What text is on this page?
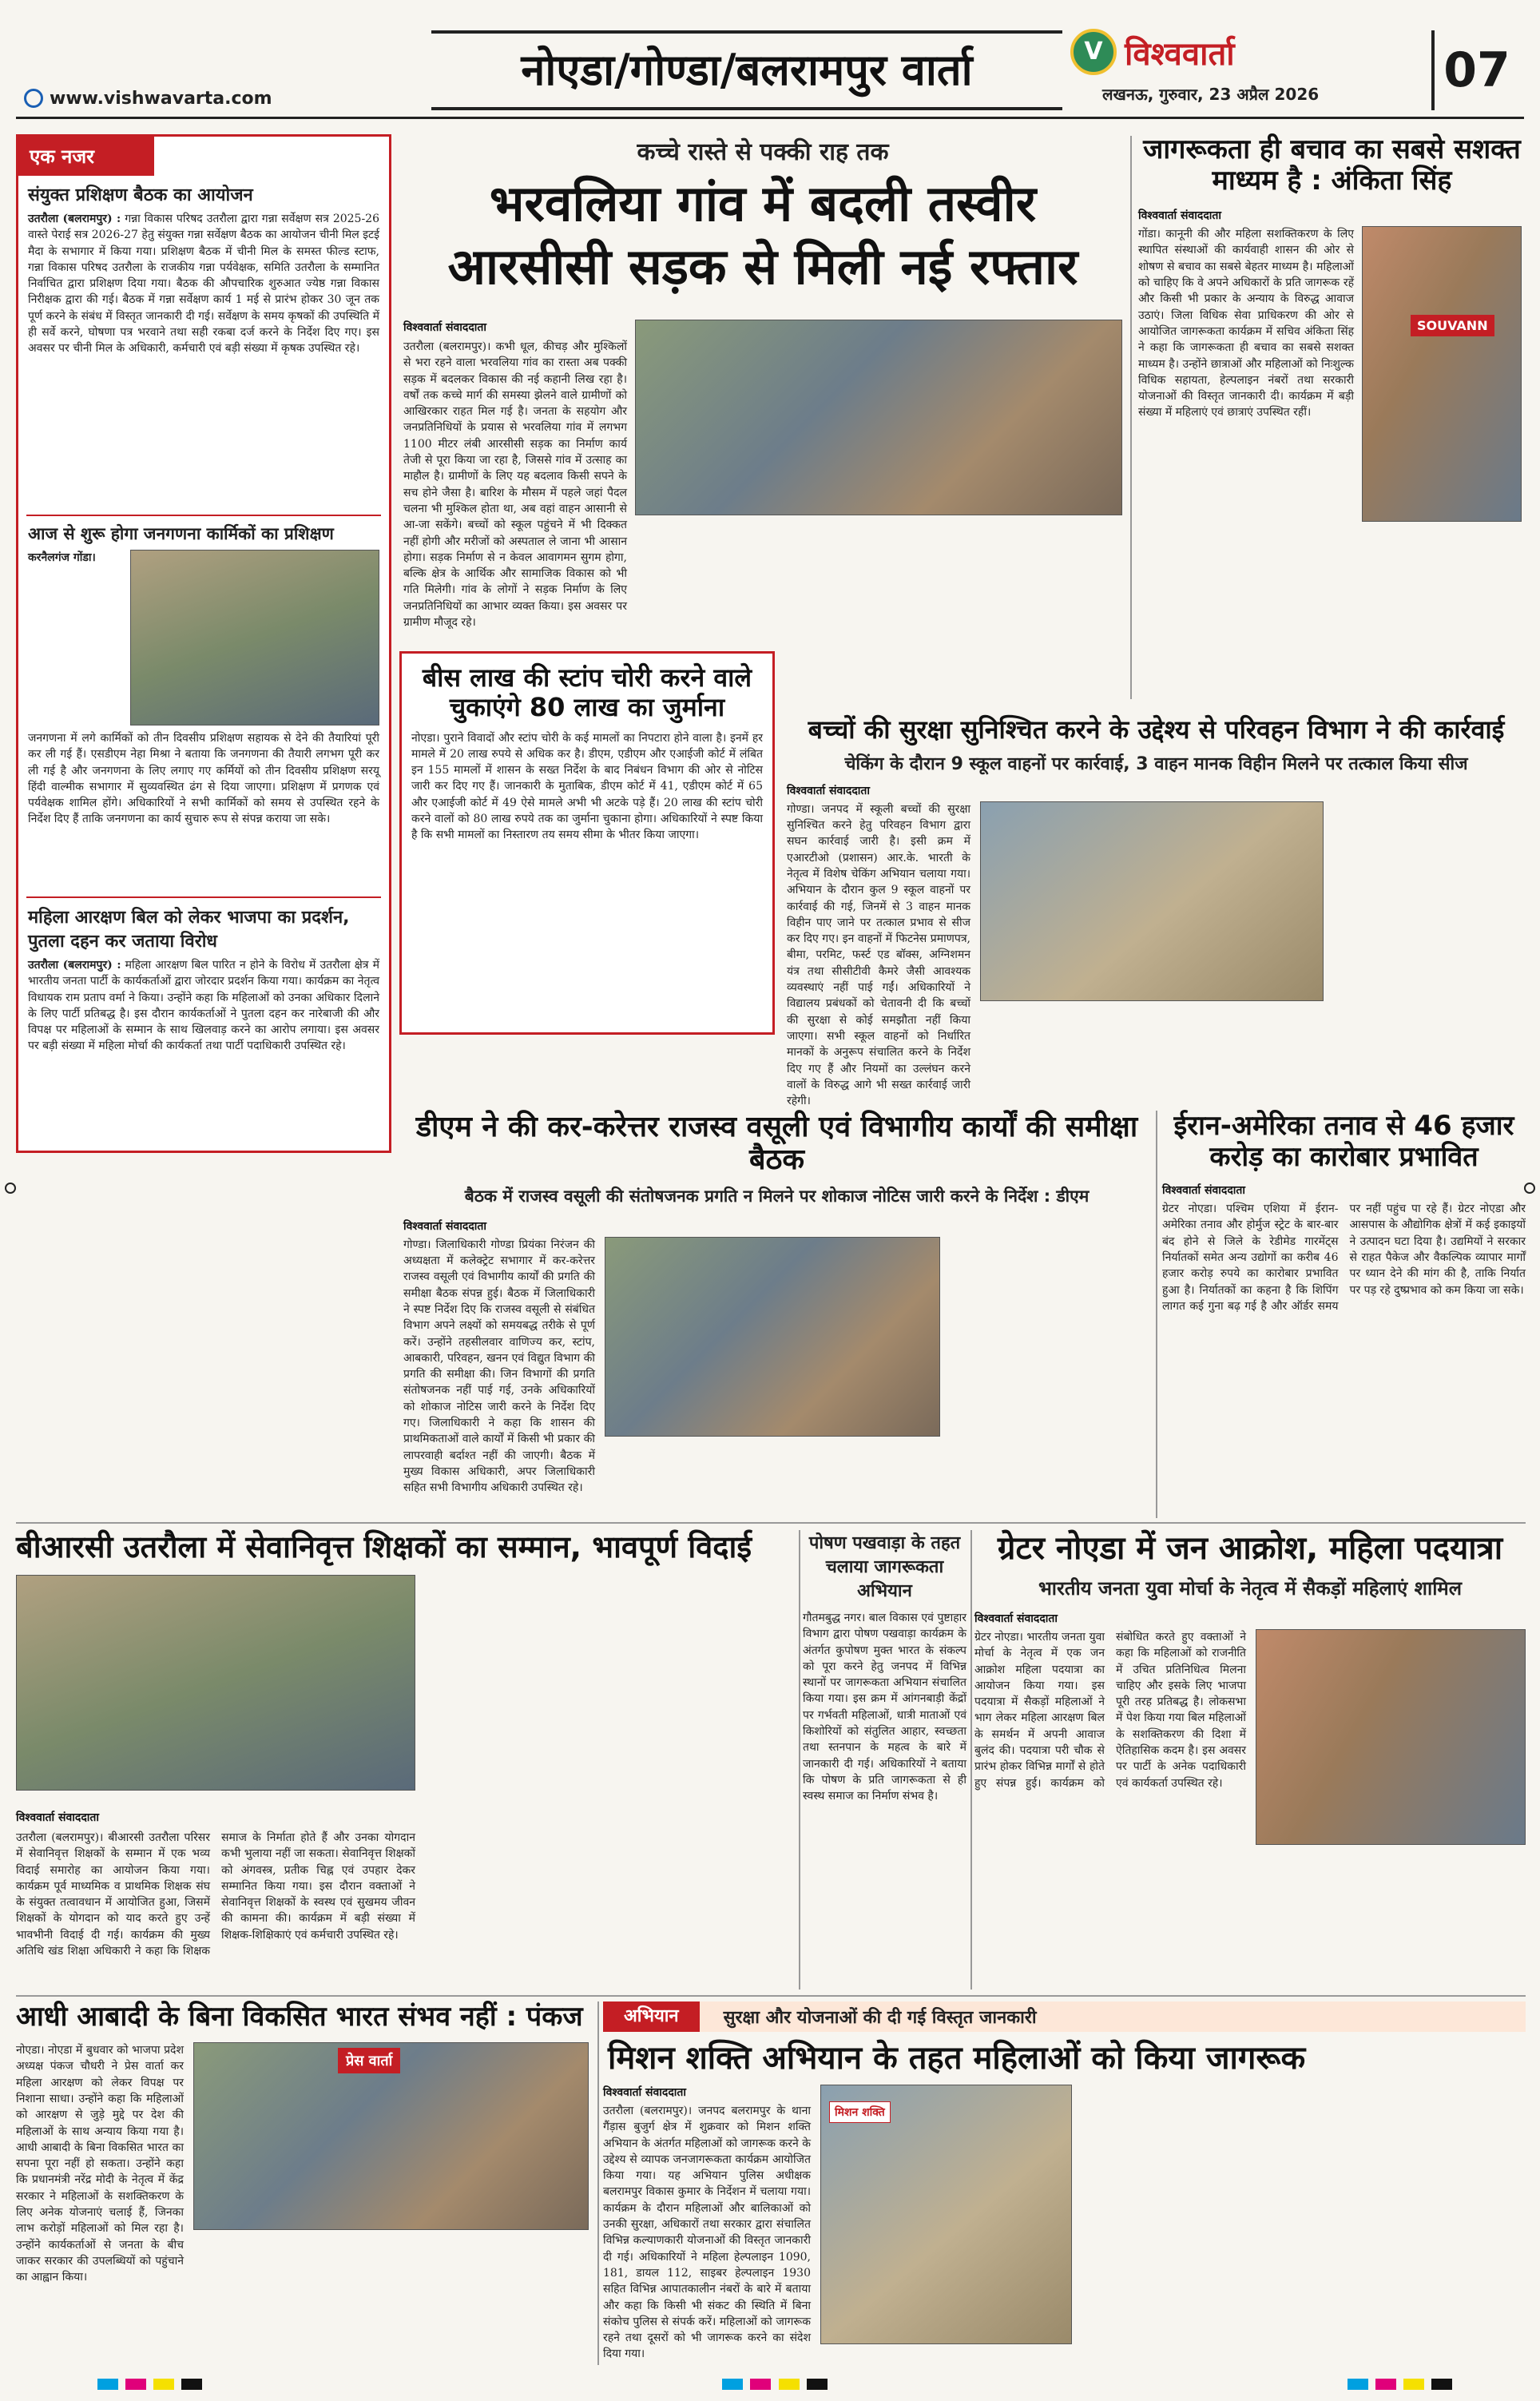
नोएडा/गोण्डा/बलरामपुर वार्ता
www.vishwavarta.com
V विश्ववार्ता
लखनऊ, गुरुवार, 23 अप्रैल 2026	07
एक नजर
संयुक्त प्रशिक्षण बैठक का आयोजन
उतरौला (बलरामपुर) : गन्ना विकास परिषद उतरौला द्वारा गन्ना सर्वेक्षण सत्र 2025-26 वास्ते पेराई सत्र 2026-27 हेतु संयुक्त गन्ना सर्वेक्षण बैठक का आयोजन चीनी मिल इटई मैदा के सभागार में किया गया। प्रशिक्षण बैठक में चीनी मिल के समस्त फील्ड स्टाफ, गन्ना विकास परिषद उतरौला के राजकीय गन्ना पर्यवेक्षक, समिति उतरौला के सम्मानित निर्वाचित द्वारा प्रशिक्षण दिया गया। बैठक की औपचारिक शुरुआत ज्येष्ठ गन्ना विकास निरीक्षक द्वारा की गई। बैठक में गन्ना सर्वेक्षण कार्य 1 मई से प्रारंभ होकर 30 जून तक पूर्ण करने के संबंध में विस्तृत जानकारी दी गई। सर्वेक्षण के समय कृषकों की उपस्थिति में ही सर्वे करने, घोषणा पत्र भरवाने तथा सही रकबा दर्ज करने के निर्देश दिए गए। इस अवसर पर चीनी मिल के अधिकारी, कर्मचारी एवं बड़ी संख्या में कृषक उपस्थित रहे।
आज से शुरू होगा जनगणना कार्मिकों का प्रशिक्षण
करनैलगंज गोंडा।
जनगणना में लगे कार्मिकों को तीन दिवसीय प्रशिक्षण सहायक से देने की तैयारियां पूरी कर ली गई हैं। एसडीएम नेहा मिश्रा ने बताया कि जनगणना की तैयारी लगभग पूरी कर ली गई है और जनगणना के लिए लगाए गए कर्मियों को तीन दिवसीय प्रशिक्षण सरयू हिंदी वाल्मीक सभागार में सुव्यवस्थित ढंग से दिया जाएगा। प्रशिक्षण में प्रगणक एवं पर्यवेक्षक शामिल होंगे। अधिकारियों ने सभी कार्मिकों को समय से उपस्थित रहने के निर्देश दिए हैं ताकि जनगणना का कार्य सुचारु रूप से संपन्न कराया जा सके।
महिला आरक्षण बिल को लेकर भाजपा का प्रदर्शन, पुतला दहन कर जताया विरोध
उतरौला (बलरामपुर) : महिला आरक्षण बिल पारित न होने के विरोध में उतरौला क्षेत्र में भारतीय जनता पार्टी के कार्यकर्ताओं द्वारा जोरदार प्रदर्शन किया गया। कार्यक्रम का नेतृत्व विधायक राम प्रताप वर्मा ने किया। उन्होंने कहा कि महिलाओं को उनका अधिकार दिलाने के लिए पार्टी प्रतिबद्ध है। इस दौरान कार्यकर्ताओं ने पुतला दहन कर नारेबाजी की और विपक्ष पर महिलाओं के सम्मान के साथ खिलवाड़ करने का आरोप लगाया। इस अवसर पर बड़ी संख्या में महिला मोर्चा की कार्यकर्ता तथा पार्टी पदाधिकारी उपस्थित रहे।
कच्चे रास्ते से पक्की राह तक
भरवलिया गांव में बदली तस्वीर
आरसीसी सड़क से मिली नई रफ्तार
विश्ववार्ता संवाददाता
उतरौला (बलरामपुर)। कभी धूल, कीचड़ और मुश्किलों से भरा रहने वाला भरवलिया गांव का रास्ता अब पक्की सड़क में बदलकर विकास की नई कहानी लिख रहा है। वर्षों तक कच्चे मार्ग की समस्या झेलने वाले ग्रामीणों को आखिरकार राहत मिल गई है। जनता के सहयोग और जनप्रतिनिधियों के प्रयास से भरवलिया गांव में लगभग 1100 मीटर लंबी आरसीसी सड़क का निर्माण कार्य तेजी से पूरा किया जा रहा है, जिससे गांव में उत्साह का माहौल है। ग्रामीणों के लिए यह बदलाव किसी सपने के सच होने जैसा है। बारिश के मौसम में पहले जहां पैदल चलना भी मुश्किल होता था, अब वहां वाहन आसानी से आ-जा सकेंगे। बच्चों को स्कूल पहुंचने में भी दिक्कत नहीं होगी और मरीजों को अस्पताल ले जाना भी आसान होगा। सड़क निर्माण से न केवल आवागमन सुगम होगा, बल्कि क्षेत्र के आर्थिक और सामाजिक विकास को भी गति मिलेगी। गांव के लोगों ने सड़क निर्माण के लिए जनप्रतिनिधियों का आभार व्यक्त किया। इस अवसर पर ग्रामीण मौजूद रहे।
बीस लाख की स्टांप चोरी करने वाले चुकाएंगे 80 लाख का जुर्माना
नोएडा। पुराने विवादों और स्टांप चोरी के कई मामलों का निपटारा होने वाला है। इनमें हर मामले में 20 लाख रुपये से अधिक कर है। डीएम, एडीएम और एआईजी कोर्ट में लंबित इन 155 मामलों में शासन के सख्त निर्देश के बाद निबंधन विभाग की ओर से नोटिस जारी कर दिए गए हैं। जानकारी के मुताबिक, डीएम कोर्ट में 41, एडीएम कोर्ट में 65 और एआईजी कोर्ट में 49 ऐसे मामले अभी भी अटके पड़े हैं। 20 लाख की स्टांप चोरी करने वालों को 80 लाख रुपये तक का जुर्माना चुकाना होगा। अधिकारियों ने स्पष्ट किया है कि सभी मामलों का निस्तारण तय समय सीमा के भीतर किया जाएगा।
जागरूकता ही बचाव का सबसे सशक्त माध्यम है : अंकिता सिंह
विश्ववार्ता संवाददाता
गोंडा। कानूनी की और महिला सशक्तिकरण के लिए स्थापित संस्थाओं की कार्यवाही शासन की ओर से शोषण से बचाव का सबसे बेहतर माध्यम है। महिलाओं को चाहिए कि वे अपने अधिकारों के प्रति जागरूक रहें और किसी भी प्रकार के अन्याय के विरुद्ध आवाज उठाएं। जिला विधिक सेवा प्राधिकरण की ओर से आयोजित जागरूकता कार्यक्रम में सचिव अंकिता सिंह ने कहा कि जागरूकता ही बचाव का सबसे सशक्त माध्यम है। उन्होंने छात्राओं और महिलाओं को निःशुल्क विधिक सहायता, हेल्पलाइन नंबरों तथा सरकारी योजनाओं की विस्तृत जानकारी दी। कार्यक्रम में बड़ी संख्या में महिलाएं एवं छात्राएं उपस्थित रहीं।
SOUVANN
बच्चों की सुरक्षा सुनिश्चित करने के उद्देश्य से परिवहन विभाग ने की कार्रवाई
चेकिंग के दौरान 9 स्कूल वाहनों पर कार्रवाई, 3 वाहन मानक विहीन मिलने पर तत्काल किया सीज
विश्ववार्ता संवाददाता
गोण्डा। जनपद में स्कूली बच्चों की सुरक्षा सुनिश्चित करने हेतु परिवहन विभाग द्वारा सघन कार्रवाई जारी है। इसी क्रम में एआरटीओ (प्रशासन) आर.के. भारती के नेतृत्व में विशेष चेकिंग अभियान चलाया गया। अभियान के दौरान कुल 9 स्कूल वाहनों पर कार्रवाई की गई, जिनमें से 3 वाहन मानक विहीन पाए जाने पर तत्काल प्रभाव से सीज कर दिए गए। इन वाहनों में फिटनेस प्रमाणपत्र, बीमा, परमिट, फर्स्ट एड बॉक्स, अग्निशमन यंत्र तथा सीसीटीवी कैमरे जैसी आवश्यक व्यवस्थाएं नहीं पाई गईं। अधिकारियों ने विद्यालय प्रबंधकों को चेतावनी दी कि बच्चों की सुरक्षा से कोई समझौता नहीं किया जाएगा। सभी स्कूल वाहनों को निर्धारित मानकों के अनुरूप संचालित करने के निर्देश दिए गए हैं और नियमों का उल्लंघन करने वालों के विरुद्ध आगे भी सख्त कार्रवाई जारी रहेगी।
डीएम ने की कर-करेत्तर राजस्व वसूली एवं विभागीय कार्यों की समीक्षा बैठक
बैठक में राजस्व वसूली की संतोषजनक प्रगति न मिलने पर शोकाज नोटिस जारी करने के निर्देश : डीएम
विश्ववार्ता संवाददाता
गोण्डा। जिलाधिकारी गोण्डा प्रियंका निरंजन की अध्यक्षता में कलेक्ट्रेट सभागार में कर-करेत्तर राजस्व वसूली एवं विभागीय कार्यों की प्रगति की समीक्षा बैठक संपन्न हुई। बैठक में जिलाधिकारी ने स्पष्ट निर्देश दिए कि राजस्व वसूली से संबंधित विभाग अपने लक्ष्यों को समयबद्ध तरीके से पूर्ण करें। उन्होंने तहसीलवार वाणिज्य कर, स्टांप, आबकारी, परिवहन, खनन एवं विद्युत विभाग की प्रगति की समीक्षा की। जिन विभागों की प्रगति संतोषजनक नहीं पाई गई, उनके अधिकारियों को शोकाज नोटिस जारी करने के निर्देश दिए गए। जिलाधिकारी ने कहा कि शासन की प्राथमिकताओं वाले कार्यों में किसी भी प्रकार की लापरवाही बर्दाश्त नहीं की जाएगी। बैठक में मुख्य विकास अधिकारी, अपर जिलाधिकारी सहित सभी विभागीय अधिकारी उपस्थित रहे।
ईरान-अमेरिका तनाव से 46 हजार करोड़ का कारोबार प्रभावित
विश्ववार्ता संवाददाता
ग्रेटर नोएडा। पश्चिम एशिया में ईरान-अमेरिका तनाव और होर्मुज स्ट्रेट के बार-बार बंद होने से जिले के रेडीमेड गारमेंट्स निर्यातकों समेत अन्य उद्योगों का करीब 46 हजार करोड़ रुपये का कारोबार प्रभावित हुआ है। निर्यातकों का कहना है कि शिपिंग लागत कई गुना बढ़ गई है और ऑर्डर समय पर नहीं पहुंच पा रहे हैं। ग्रेटर नोएडा और आसपास के औद्योगिक क्षेत्रों में कई इकाइयों ने उत्पादन घटा दिया है। उद्यमियों ने सरकार से राहत पैकेज और वैकल्पिक व्यापार मार्गों पर ध्यान देने की मांग की है, ताकि निर्यात पर पड़ रहे दुष्प्रभाव को कम किया जा सके।
बीआरसी उतरौला में सेवानिवृत्त शिक्षकों का सम्मान, भावपूर्ण विदाई
विश्ववार्ता संवाददाता
उतरौला (बलरामपुर)। बीआरसी उतरौला परिसर में सेवानिवृत्त शिक्षकों के सम्मान में एक भव्य विदाई समारोह का आयोजन किया गया। कार्यक्रम पूर्व माध्यमिक व प्राथमिक शिक्षक संघ के संयुक्त तत्वावधान में आयोजित हुआ, जिसमें शिक्षकों के योगदान को याद करते हुए उन्हें भावभीनी विदाई दी गई। कार्यक्रम की मुख्य अतिथि खंड शिक्षा अधिकारी ने कहा कि शिक्षक समाज के निर्माता होते हैं और उनका योगदान कभी भुलाया नहीं जा सकता। सेवानिवृत्त शिक्षकों को अंगवस्त्र, प्रतीक चिह्न एवं उपहार देकर सम्मानित किया गया। इस दौरान वक्ताओं ने सेवानिवृत्त शिक्षकों के स्वस्थ एवं सुखमय जीवन की कामना की। कार्यक्रम में बड़ी संख्या में शिक्षक-शिक्षिकाएं एवं कर्मचारी उपस्थित रहे।
पोषण पखवाड़ा के तहत चलाया जागरूकता अभियान
गौतमबुद्ध नगर। बाल विकास एवं पुष्टाहार विभाग द्वारा पोषण पखवाड़ा कार्यक्रम के अंतर्गत कुपोषण मुक्त भारत के संकल्प को पूरा करने हेतु जनपद में विभिन्न स्थानों पर जागरूकता अभियान संचालित किया गया। इस क्रम में आंगनबाड़ी केंद्रों पर गर्भवती महिलाओं, धात्री माताओं एवं किशोरियों को संतुलित आहार, स्वच्छता तथा स्तनपान के महत्व के बारे में जानकारी दी गई। अधिकारियों ने बताया कि पोषण के प्रति जागरूकता से ही स्वस्थ समाज का निर्माण संभव है।
ग्रेटर नोएडा में जन आक्रोश, महिला पदयात्रा
भारतीय जनता युवा मोर्चा के नेतृत्व में सैकड़ों महिलाएं शामिल
विश्ववार्ता संवाददाता
ग्रेटर नोएडा। भारतीय जनता युवा मोर्चा के नेतृत्व में एक जन आक्रोश महिला पदयात्रा का आयोजन किया गया। इस पदयात्रा में सैकड़ों महिलाओं ने भाग लेकर महिला आरक्षण बिल के समर्थन में अपनी आवाज बुलंद की। पदयात्रा परी चौक से प्रारंभ होकर विभिन्न मार्गों से होते हुए संपन्न हुई। कार्यक्रम को संबोधित करते हुए वक्ताओं ने कहा कि महिलाओं को राजनीति में उचित प्रतिनिधित्व मिलना चाहिए और इसके लिए भाजपा पूरी तरह प्रतिबद्ध है। लोकसभा में पेश किया गया बिल महिलाओं के सशक्तिकरण की दिशा में ऐतिहासिक कदम है। इस अवसर पर पार्टी के अनेक पदाधिकारी एवं कार्यकर्ता उपस्थित रहे।
आधी आबादी के बिना विकसित भारत संभव नहीं : पंकज
नोएडा। नोएडा में बुधवार को भाजपा प्रदेश अध्यक्ष पंकज चौधरी ने प्रेस वार्ता कर महिला आरक्षण को लेकर विपक्ष पर निशाना साधा। उन्होंने कहा कि महिलाओं को आरक्षण से जुड़े मुद्दे पर देश की महिलाओं के साथ अन्याय किया गया है। आधी आबादी के बिना विकसित भारत का सपना पूरा नहीं हो सकता। उन्होंने कहा कि प्रधानमंत्री नरेंद्र मोदी के नेतृत्व में केंद्र सरकार ने महिलाओं के सशक्तिकरण के लिए अनेक योजनाएं चलाई हैं, जिनका लाभ करोड़ों महिलाओं को मिल रहा है। उन्होंने कार्यकर्ताओं से जनता के बीच जाकर सरकार की उपलब्धियों को पहुंचाने का आह्वान किया।
प्रेस वार्ता
अभियान	सुरक्षा और योजनाओं की दी गई विस्तृत जानकारी
मिशन शक्ति अभियान के तहत महिलाओं को किया जागरूक
विश्ववार्ता संवाददाता
उतरौला (बलरामपुर)। जनपद बलरामपुर के थाना गैंड़ास बुजुर्ग क्षेत्र में शुक्रवार को मिशन शक्ति अभियान के अंतर्गत महिलाओं को जागरूक करने के उद्देश्य से व्यापक जनजागरूकता कार्यक्रम आयोजित किया गया। यह अभियान पुलिस अधीक्षक बलरामपुर विकास कुमार के निर्देशन में चलाया गया। कार्यक्रम के दौरान महिलाओं और बालिकाओं को उनकी सुरक्षा, अधिकारों तथा सरकार द्वारा संचालित विभिन्न कल्याणकारी योजनाओं की विस्तृत जानकारी दी गई। अधिकारियों ने महिला हेल्पलाइन 1090, 181, डायल 112, साइबर हेल्पलाइन 1930 सहित विभिन्न आपातकालीन नंबरों के बारे में बताया और कहा कि किसी भी संकट की स्थिति में बिना संकोच पुलिस से संपर्क करें। महिलाओं को जागरूक रहने तथा दूसरों को भी जागरूक करने का संदेश दिया गया।
मिशन शक्ति
